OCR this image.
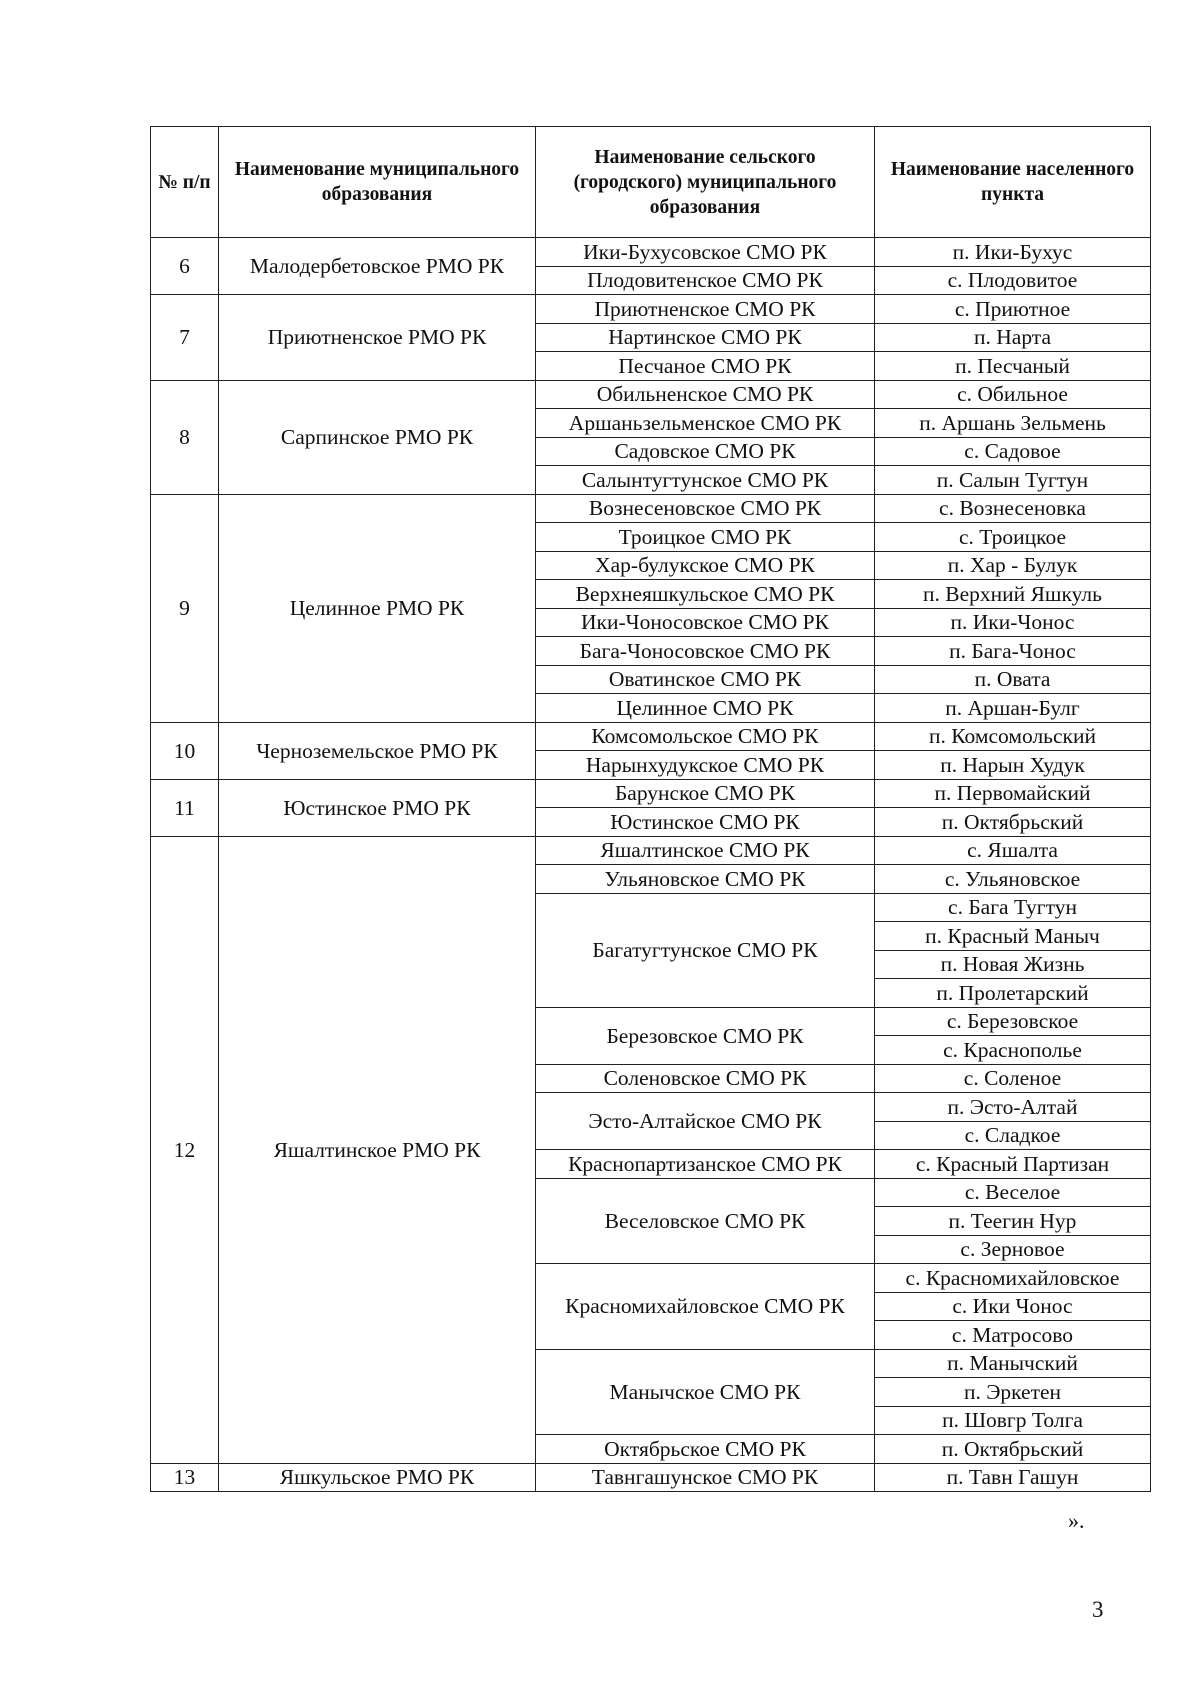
№ п/п	Наименование муниципального образования	Наименование сельского (городского) муниципального образования	Наименование населенного пункта
6	Малодербетовское РМО РК	Ики-Бухусовское СМО РК	п. Ики-Бухус
		Плодовитенское СМО РК	с. Плодовитое
7	Приютненское РМО РК	Приютненское СМО РК	с. Приютное
		Нартинское СМО РК	п. Нарта
		Песчаное СМО РК	п. Песчаный
8	Сарпинское РМО РК	Обильненское СМО РК	с. Обильное
		Аршаньзельменское СМО РК	п. Аршань Зельмень
		Садовское СМО РК	с. Садовое
		Салынтугтунское СМО РК	п. Салын Тугтун
9	Целинное РМО РК	Вознесеновское СМО РК	с. Вознесеновка
		Троицкое СМО РК	с. Троицкое
		Хар-булукское СМО РК	п. Хар - Булук
		Верхнеяшкульское СМО РК	п. Верхний Яшкуль
		Ики-Чоносовское СМО РК	п. Ики-Чонос
		Бага-Чоносовское СМО РК	п. Бага-Чонос
		Оватинское СМО РК	п. Овата
		Целинное СМО РК	п. Аршан-Булг
10	Черноземельское РМО РК	Комсомольское СМО РК	п. Комсомольский
		Нарынхудукское СМО РК	п. Нарын Худук
11	Юстинское РМО РК	Барунское СМО РК	п. Первомайский
		Юстинское СМО РК	п. Октябрьский
12	Яшалтинское РМО РК	Яшалтинское СМО РК	с. Яшалта
		Ульяновское СМО РК	с. Ульяновское
		Багатугтунское СМО РК	с. Бага Тугтун
			п. Красный Маныч
			п. Новая Жизнь
			п. Пролетарский
		Березовское СМО РК	с. Березовское
			с. Краснополье
		Соленовское СМО РК	с. Соленое
		Эсто-Алтайское СМО РК	п. Эсто-Алтай
			с. Сладкое
		Краснопартизанское СМО РК	с. Красный Партизан
		Веселовское СМО РК	с. Веселое
			п. Теегин Нур
			с. Зерновое
		Красномихайловское СМО РК	с. Красномихайловское
			с. Ики Чонос
			с. Матросово
		Манычское СМО РК	п. Манычский
			п. Эркетен
			п. Шовгр Толга
		Октябрьское СМО РК	п. Октябрьский
13	Яшкульское РМО РК	Тавнгашунское СМО РК	п. Тавн Гашун
».
3
